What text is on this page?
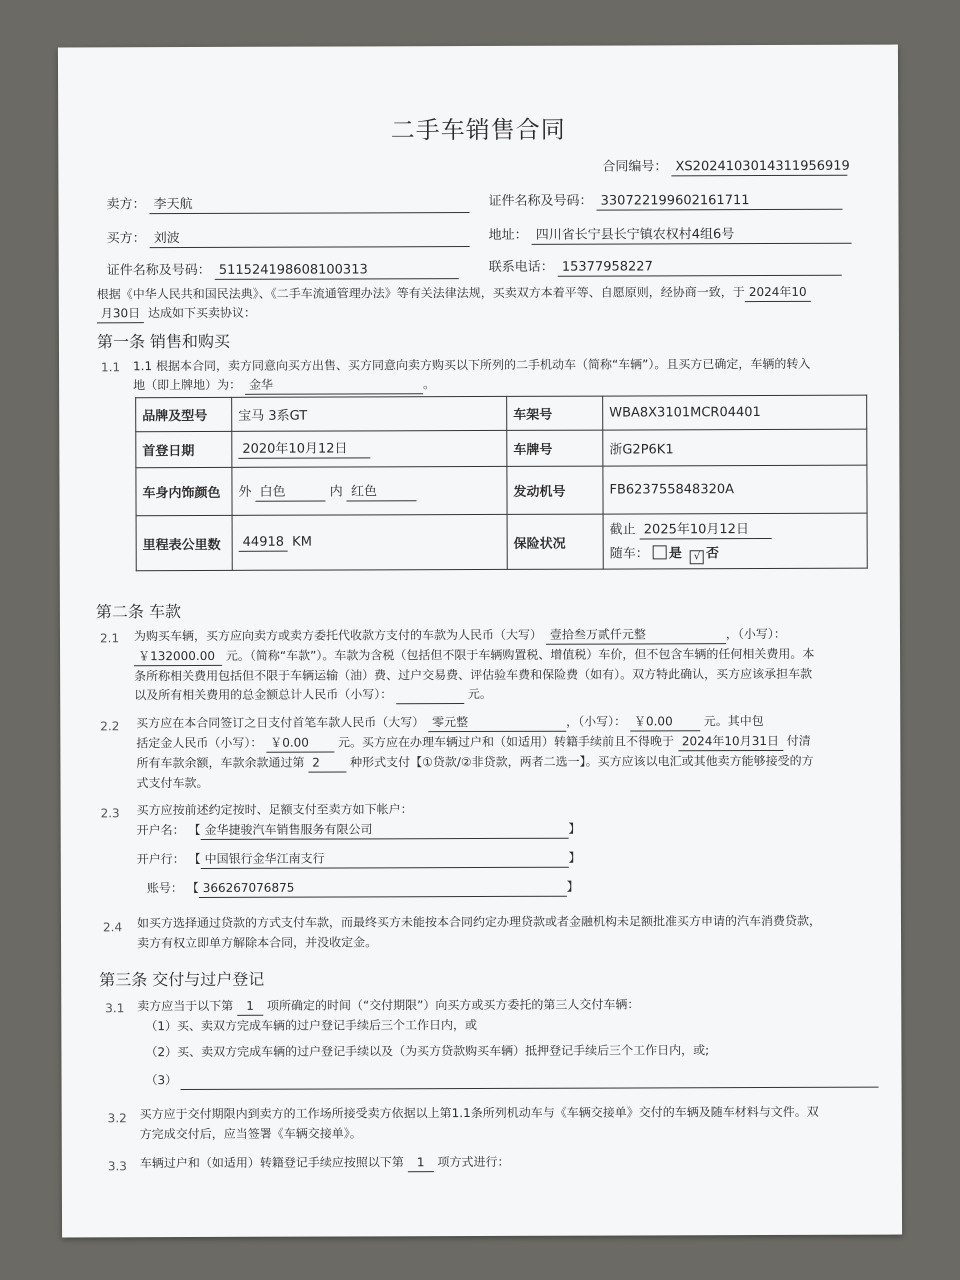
二手车销售合同
合同编号： XS2024103014311956919
卖方： 李天航	证件名称及号码： 330722199602161711
买方： 刘波	地址： 四川省长宁县长宁镇农权村4组6号
证件名称及号码： 511524198608100313	联系电话： 15377958227
根据《中华人民共和国民法典》、《二手车流通管理办法》等有关法律法规，买卖双方本着平等、自愿原则，经协商一致，于 2024年10
月30日 达成如下买卖协议：
第一条 销售和购买
1.1 1.1 根据本合同，卖方同意向买方出售、买方同意向卖方购买以下所列的二手机动车（简称“车辆”）。且买方已确定，车辆的转入
地（即上牌地）为： 金华	。
品牌及型号	宝马 3系GT	车架号	WBA8X3101MCR04401
首登日期	2020年10月12日	车牌号	浙G2P6K1
车身内饰颜色	外 白色 内 红色	发动机号	FB623755848320A
里程表公里数	44918 KM	保险状况	截止 2025年10月12日
随车： 是 √ 否
第二条 车款
2.1 为购买车辆，买方应向卖方或卖方委托代收款方支付的车款为人民币（大写） 壹拾叁万贰仟元整	，（小写）：
￥132000.00 元。（简称“车款”）。车款为含税（包括但不限于车辆购置税、增值税）车价，但不包含车辆的任何相关费用。本
条所称相关费用包括但不限于车辆运输（油）费、过户交易费、评估验车费和保险费（如有）。双方特此确认，买方应该承担车款
以及所有相关费用的总金额总计人民币（小写）：	元。
2.2 买方应在本合同签订之日支付首笔车款人民币（大写） 零元整	，（小写）： ￥0.00	元。其中包
括定金人民币（小写）： ￥0.00 元。买方应在办理车辆过户和（如适用）转籍手续前且不得晚于 2024年10月31日 付清
所有车款余额，车款余款通过第 2	种形式支付【①贷款/②非贷款，两者二选一】。买方应该以电汇或其他卖方能够接受的方
式支付车款。
2.3 买方应按前述约定按时、足额支付至卖方如下帐户：
开户名： 【 金华捷骏汽车销售服务有限公司	】
开户行： 【 中国银行金华江南支行	】
账号： 【 366267076875	】
2.4 如买方选择通过贷款的方式支付车款，而最终买方未能按本合同约定办理贷款或者金融机构未足额批准买方申请的汽车消费贷款，
卖方有权立即单方解除本合同，并没收定金。
第三条 交付与过户登记
3.1 卖方应当于以下第 1 项所确定的时间（“交付期限”）向买方或买方委托的第三人交付车辆：
（1）买、卖双方完成车辆的过户登记手续后三个工作日内，或
（2）买、卖双方完成车辆的过户登记手续以及（为买方贷款购买车辆）抵押登记手续后三个工作日内，或;
（3）
3.2 买方应于交付期限内到卖方的工作场所接受卖方依据以上第1.1条所列机动车与《车辆交接单》交付的车辆及随车材料与文件。双
方完成交付后，应当签署《车辆交接单》。
3.3 车辆过户和（如适用）转籍登记手续应按照以下第 1 项方式进行：
